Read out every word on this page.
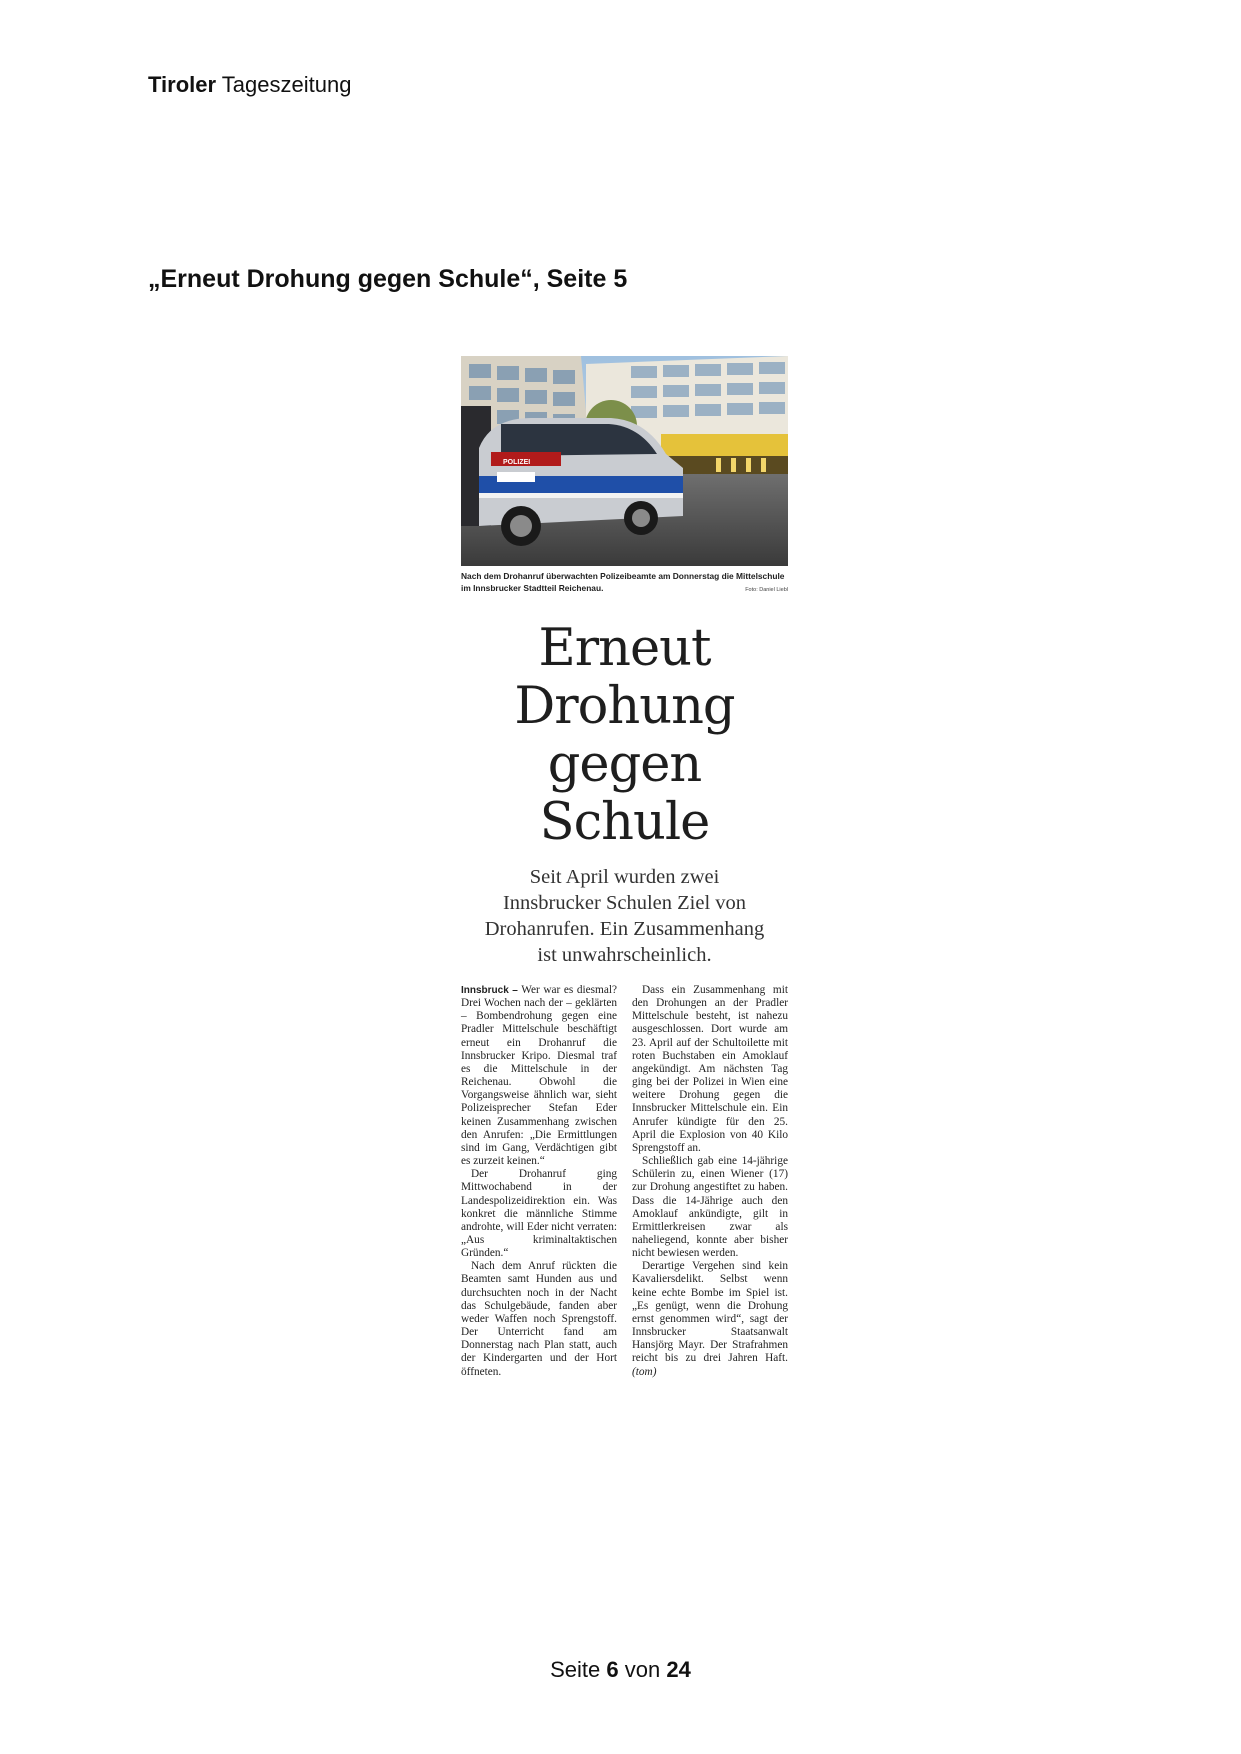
Tiroler Tageszeitung
„Erneut Drohung gegen Schule“, Seite 5
POLIZEI
Nach dem Drohanruf überwachten Polizeibeamte am Donnerstag die Mittelschule im Innsbrucker Stadtteil Reichenau.	Foto: Daniel Liebl
Erneut
Drohung
gegen Schule
Seit April wurden zwei
Innsbrucker Schulen Ziel von
Drohanrufen. Ein Zusammenhang
ist unwahrscheinlich.

Innsbruck – Wer war es diesmal? Drei Wochen nach der – geklärten – Bombendrohung gegen eine Pradler Mittelschule beschäftigt erneut ein Drohanruf die Innsbrucker Kripo. Diesmal traf es die Mittelschule in der Reichenau. Obwohl die Vorgangsweise ähnlich war, sieht Polizeisprecher Stefan Eder keinen Zusammenhang zwischen den Anrufen: „Die Ermittlungen sind im Gang, Verdächtigen gibt es zurzeit keinen.“

Der Drohanruf ging Mittwochabend in der Landespolizeidirektion ein. Was konkret die männliche Stimme androhte, will Eder nicht verraten: „Aus kriminaltaktischen Gründen.“

Nach dem Anruf rückten die Beamten samt Hunden aus und durchsuchten noch in der Nacht das Schulgebäude, fanden aber weder Waffen noch Sprengstoff. Der Unterricht fand am Donnerstag nach Plan statt, auch der Kindergarten und der Hort öffneten.

Dass ein Zusammenhang mit den Drohungen an der Pradler Mittelschule besteht, ist nahezu ausgeschlossen. Dort wurde am 23. April auf der Schultoilette mit roten Buchstaben ein Amoklauf angekündigt. Am nächsten Tag ging bei der Polizei in Wien eine weitere Drohung gegen die Innsbrucker Mittelschule ein. Ein Anrufer kündigte für den 25. April die Explosion von 40 Kilo Sprengstoff an.

Schließlich gab eine 14-jährige Schülerin zu, einen Wiener (17) zur Drohung angestiftet zu haben. Dass die 14-Jährige auch den Amoklauf ankündigte, gilt in Ermittlerkreisen zwar als naheliegend, konnte aber bisher nicht bewiesen werden.

Derartige Vergehen sind kein Kavaliersdelikt. Selbst wenn keine echte Bombe im Spiel ist. „Es genügt, wenn die Drohung ernst genommen wird“, sagt der Innsbrucker Staatsanwalt Hansjörg Mayr. Der Strafrahmen reicht bis zu drei Jahren Haft. (tom)

Seite 6 von 24
